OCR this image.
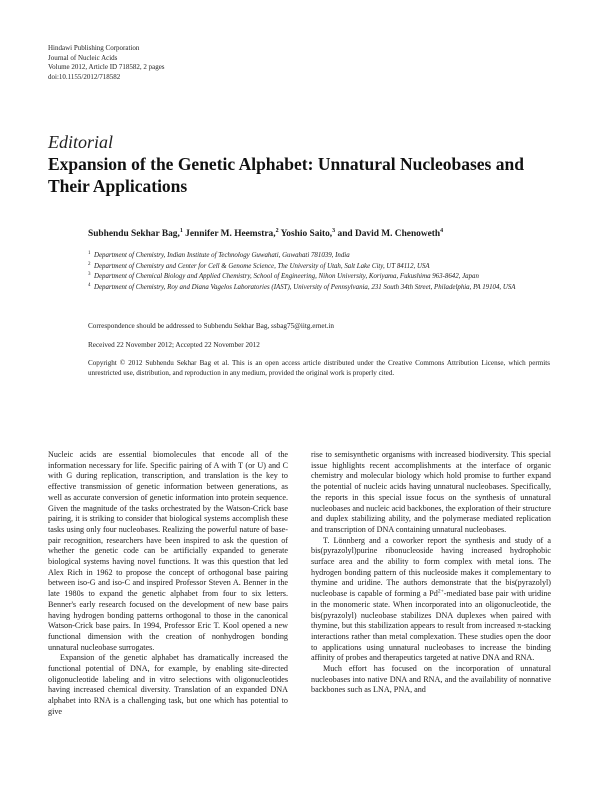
Hindawi Publishing Corporation
Journal of Nucleic Acids
Volume 2012, Article ID 718582, 2 pages
doi:10.1155/2012/718582
Editorial
Expansion of the Genetic Alphabet: Unnatural Nucleobases and Their Applications
Subhendu Sekhar Bag,$^1$ Jennifer M. Heemstra,$^2$ Yoshio Saito,$^3$ and David M. Chenoweth$^4$
1 Department of Chemistry, Indian Institute of Technology Guwahati, Guwahati 781039, India
2 Department of Chemistry and Center for Cell & Genome Science, The University of Utah, Salt Lake City, UT 84112, USA
3 Department of Chemical Biology and Applied Chemistry, School of Engineering, Nihon University, Koriyama, Fukushima 963-8642, Japan
4 Department of Chemistry, Roy and Diana Vagelos Laboratories (IAST), University of Pennsylvania, 231 South 34th Street, Philadelphia, PA 19104, USA
Correspondence should be addressed to Subhendu Sekhar Bag, ssbag75@iitg.ernet.in
Received 22 November 2012; Accepted 22 November 2012
Copyright © 2012 Subhendu Sekhar Bag et al. This is an open access article distributed under the Creative Commons Attribution License, which permits unrestricted use, distribution, and reproduction in any medium, provided the original work is properly cited.

Nucleic acids are essential biomolecules that encode all of the information necessary for life. Specific pairing of A with T (or U) and C with G during replication, transcription, and translation is the key to effective transmission of genetic information between generations, as well as accurate conversion of genetic information into protein sequence. Given the magnitude of the tasks orchestrated by the Watson-Crick base pairing, it is striking to consider that biological systems accomplish these tasks using only four nucleobases. Realizing the powerful nature of base-pair recognition, researchers have been inspired to ask the question of whether the genetic code can be artificially expanded to generate biological systems having novel functions. It was this question that led Alex Rich in 1962 to propose the concept of orthogonal base pairing between iso-G and iso-C and inspired Professor Steven A. Benner in the late 1980s to expand the genetic alphabet from four to six letters. Benner's early research focused on the development of new base pairs having hydrogen bonding patterns orthogonal to those in the canonical Watson-Crick base pairs. In 1994, Professor Eric T. Kool opened a new functional dimension with the creation of nonhydrogen bonding unnatural nucleobase surrogates.

Expansion of the genetic alphabet has dramatically increased the functional potential of DNA, for example, by enabling site-directed oligonucleotide labeling and in vitro selections with oligonucleotides having increased chemical diversity. Translation of an expanded DNA alphabet into RNA is a challenging task, but one which has potential to give

rise to semisynthetic organisms with increased biodiversity. This special issue highlights recent accomplishments at the interface of organic chemistry and molecular biology which hold promise to further expand the potential of nucleic acids having unnatural nucleobases. Specifically, the reports in this special issue focus on the synthesis of unnatural nucleobases and nucleic acid backbones, the exploration of their structure and duplex stabilizing ability, and the polymerase mediated replication and transcription of DNA containing unnatural nucleobases.

T. Lönnberg and a coworker report the synthesis and study of a bis(pyrazolyl)purine ribonucleoside having increased hydrophobic surface area and the ability to form complex with metal ions. The hydrogen bonding pattern of this nucleoside makes it complementary to thymine and uridine. The authors demonstrate that the bis(pyrazolyl) nucleobase is capable of forming a $Pd^{2+}$-mediated base pair with uridine in the monomeric state. When incorporated into an oligonucleotide, the bis(pyrazolyl) nucleobase stabilizes DNA duplexes when paired with thymine, but this stabilization appears to result from increased π-stacking interactions rather than metal complexation. These studies open the door to applications using unnatural nucleobases to increase the binding affinity of probes and therapeutics targeted at native DNA and RNA.

Much effort has focused on the incorporation of unnatural nucleobases into native DNA and RNA, and the availability of nonnative backbones such as LNA, PNA, and
